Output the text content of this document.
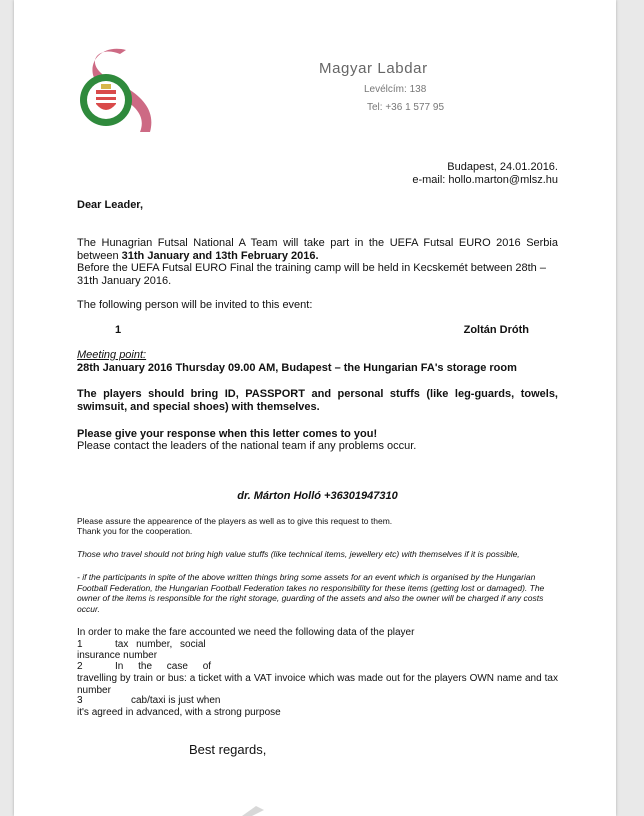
Magyar Labdar
Levélcím: 138
Tel: +36 1 577 95
Budapest, 24.01.2016.
e-mail: hollo.marton@mlsz.hu

Dear Leader,

The Hunagrian Futsal National A Team will take part in the UEFA Futsal EURO 2016 Serbia between 31th January and 13th February 2016.

Before the UEFA Futsal EURO Final the training camp will be held in Kecskemét between 28th – 31th January 2016.

The following person will be invited to this event:

1	Zoltán Dróth

Meeting point:

28th January 2016 Thursday 09.00 AM, Budapest – the Hungarian FA's storage room

The players should bring ID, PASSPORT and personal stuffs (like leg-guards, towels, swimsuit, and special shoes) with themselves.

Please give your response when this letter comes to you!

Please contact the leaders of the national team if any problems occur.

dr. Márton Holló +36301947310

Please assure the appearence of the players as well as to give this request to them.

Thank you for the cooperation.

Those who travel should not bring high value stuffs (like technical items, jewellery etc) with themselves if it is possible,

- if the participants in spite of the above written things bring some assets for an event which is organised by the Hungarian Football Federation, the Hungarian Football Federation takes no responsibility for these items (getting lost or damaged). The owner of the items is responsible for the right storage, guarding of the assets and also the owner will be charged if any costs occur.

In order to make the fare accounted we need the following data of the player

1	tax number, social

insurance number

2	In the case of

travelling by train or bus: a ticket with a VAT invoice which was made out for the players OWN name and tax number

3	cab/taxi is just when

it's agreed in advanced, with a strong purpose

Best regards,
